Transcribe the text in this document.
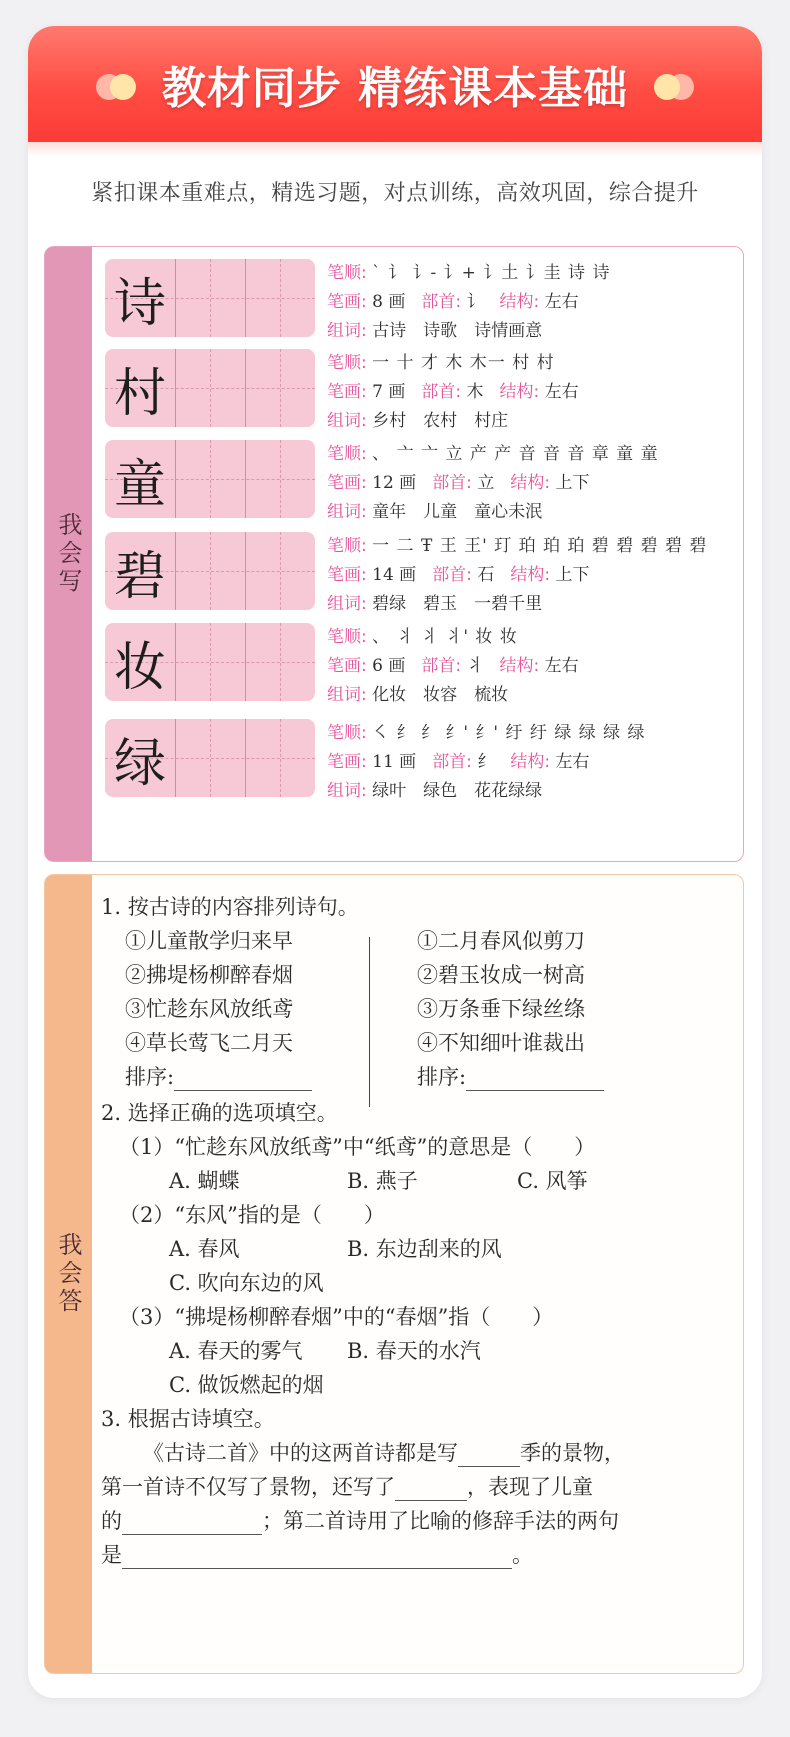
教材同步 精练课本基础
紧扣课本重难点，精选习题，对点训练，高效巩固，综合提升
我会写
诗
笔顺: ` 讠 讠- 讠+ 讠土 讠圭 诗 诗
笔画: 8 画 部首: 讠 结构: 左右
组词: 古诗　诗歌　诗情画意
村
笔顺: 一 十 才 木 木一 村 村
笔画: 7 画 部首: 木 结构: 左右
组词: 乡村　农村　村庄
童
笔顺: 、 亠 亠 立 产 产 音 音 音 章 童 童
笔画: 12 画 部首: 立 结构: 上下
组词: 童年　儿童　童心未泯
碧
笔顺: 一 二 Ŧ 王 王' 玎 珀 珀 珀 碧 碧 碧 碧 碧
笔画: 14 画 部首: 石 结构: 上下
组词: 碧绿　碧玉　一碧千里
妆
笔顺: 、 丬 丬 丬' 妆 妆
笔画: 6 画 部首: 丬 结构: 左右
组词: 化妆　妆容　梳妆
绿
笔顺: ㇛ 纟 纟 纟' 纟' 纡 纡 绿 绿 绿 绿
笔画: 11 画 部首: 纟 结构: 左右
组词: 绿叶　绿色　花花绿绿
我会答
1. 按古诗的内容排列诗句。
①儿童散学归来早
②拂堤杨柳醉春烟
③忙趁东风放纸鸢
④草长莺飞二月天
排序:
①二月春风似剪刀
②碧玉妆成一树高
③万条垂下绿丝绦
④不知细叶谁裁出
排序:
2. 选择正确的选项填空。
（1）“忙趁东风放纸鸢”中“纸鸢”的意思是（　　）
A. 蝴蝶	B. 燕子	C. 风筝
（2）“东风”指的是（　　）
A. 春风	B. 东边刮来的风
C. 吹向东边的风
（3）“拂堤杨柳醉春烟”中的“春烟”指（　　）
A. 春天的雾气 B. 春天的水汽
C. 做饭燃起的烟
3. 根据古诗填空。
《古诗二首》中的这两首诗都是写	季的景物，
第一首诗不仅写了景物，还写了	，表现了儿童
的	；第二首诗用了比喻的修辞手法的两句
是	。
